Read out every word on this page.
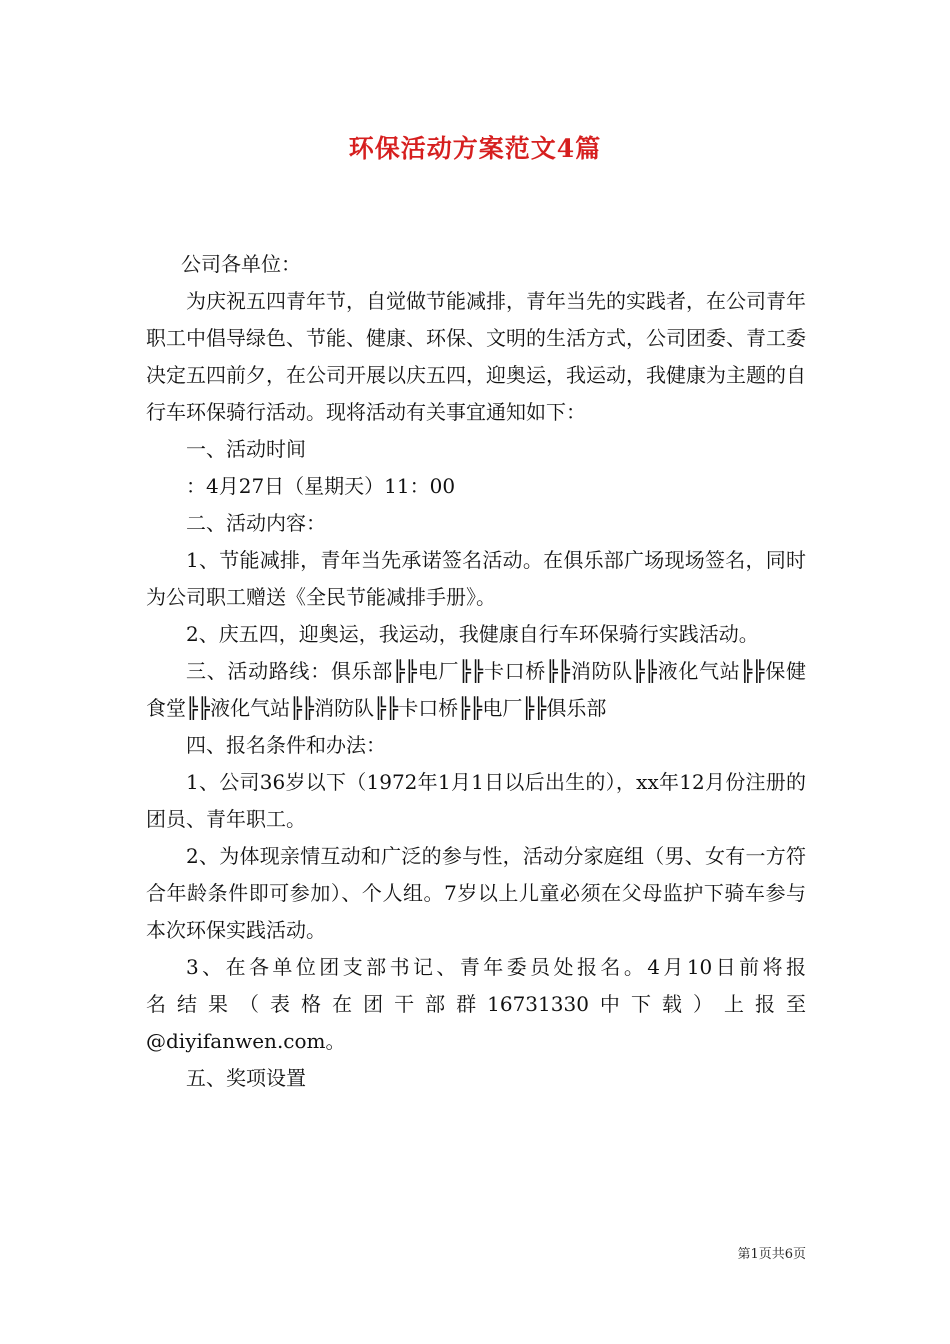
环保活动方案范文4篇

公司各单位：

为庆祝五四青年节，自觉做节能减排，青年当先的实践者，在公司青年职工中倡导绿色、节能、健康、环保、文明的生活方式，公司团委、青工委决定五四前夕，在公司开展以庆五四，迎奥运，我运动，我健康为主题的自行车环保骑行活动。现将活动有关事宜通知如下：

一、活动时间

：4月27日（星期天）11：00

二、活动内容：

1、节能减排，青年当先承诺签名活动。在俱乐部广场现场签名，同时为公司职工赠送《全民节能减排手册》。

2、庆五四，迎奥运，我运动，我健康自行车环保骑行实践活动。

三、活动路线：俱乐部╠╠电厂╠╠卡口桥╠╠消防队╠╠液化气站╠╠保健食堂╠╠液化气站╠╠消防队╠╠卡口桥╠╠电厂╠╠俱乐部

四、报名条件和办法：

1、公司36岁以下（1972年1月1日以后出生的），xx年12月份注册的团员、青年职工。

2、为体现亲情互动和广泛的参与性，活动分家庭组（男、女有一方符合年龄条件即可参加）、个人组。7岁以上儿童必须在父母监护下骑车参与本次环保实践活动。

3、在各单位团支部书记、青年委员处报名。4月10日前将报

名结果（表格在团干部群16731330中下载）上报至

@diyifanwen.com。

五、奖项设置

第1页共6页
